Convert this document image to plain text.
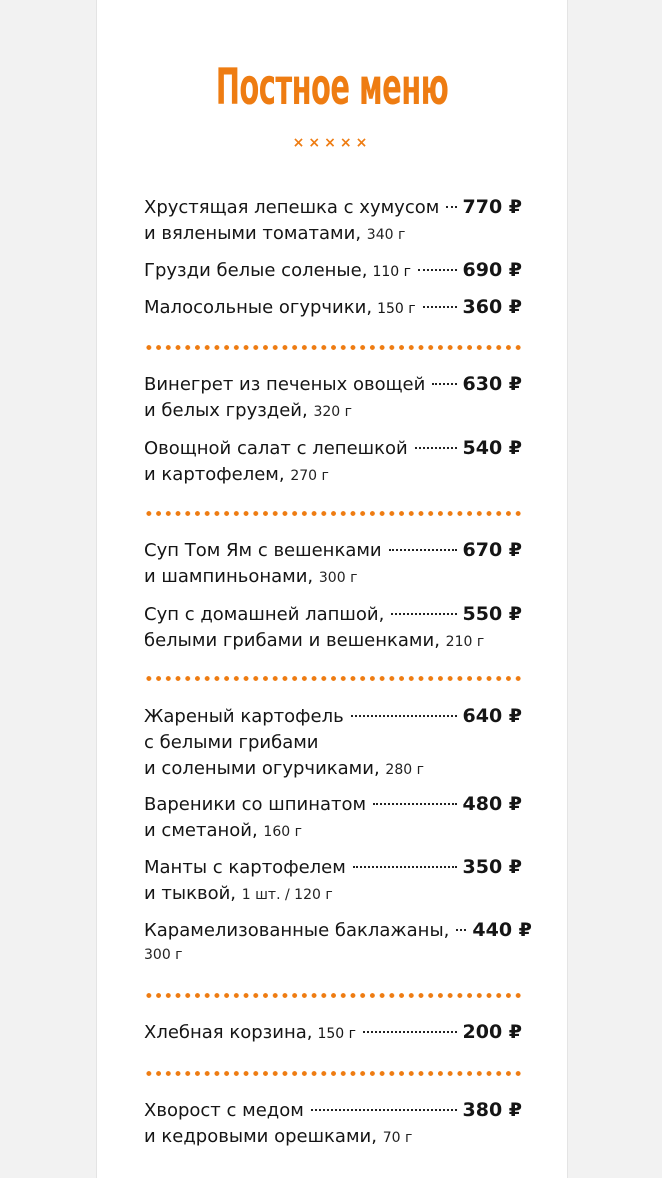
Постное меню
×××××
Хрустящая лепешка с хумусом 770 ₽
и вялеными томатами, 340 г
Грузди белые соленые, 110 г	690 ₽
Малосольные огурчики, 150 г 360 ₽
Винегрет из печеных овощей 630 ₽
и белых груздей, 320 г
Овощной салат с лепешкой	540 ₽
и картофелем, 270 г
Суп Том Ям с вешенками	670 ₽
и шампиньонами, 300 г
Суп с домашней лапшой,	550 ₽
белыми грибами и вешенками, 210 г
Жареный картофель	640 ₽
с белыми грибами
и солеными огурчиками, 280 г
Вареники со шпинатом	480 ₽
и сметаной, 160 г
Манты с картофелем	350 ₽
и тыквой, 1 шт. / 120 г
Карамелизованные баклажаны, 440 ₽
300 г
Хлебная корзина, 150 г	200 ₽
Хворост с медом	380 ₽
и кедровыми орешками, 70 г
